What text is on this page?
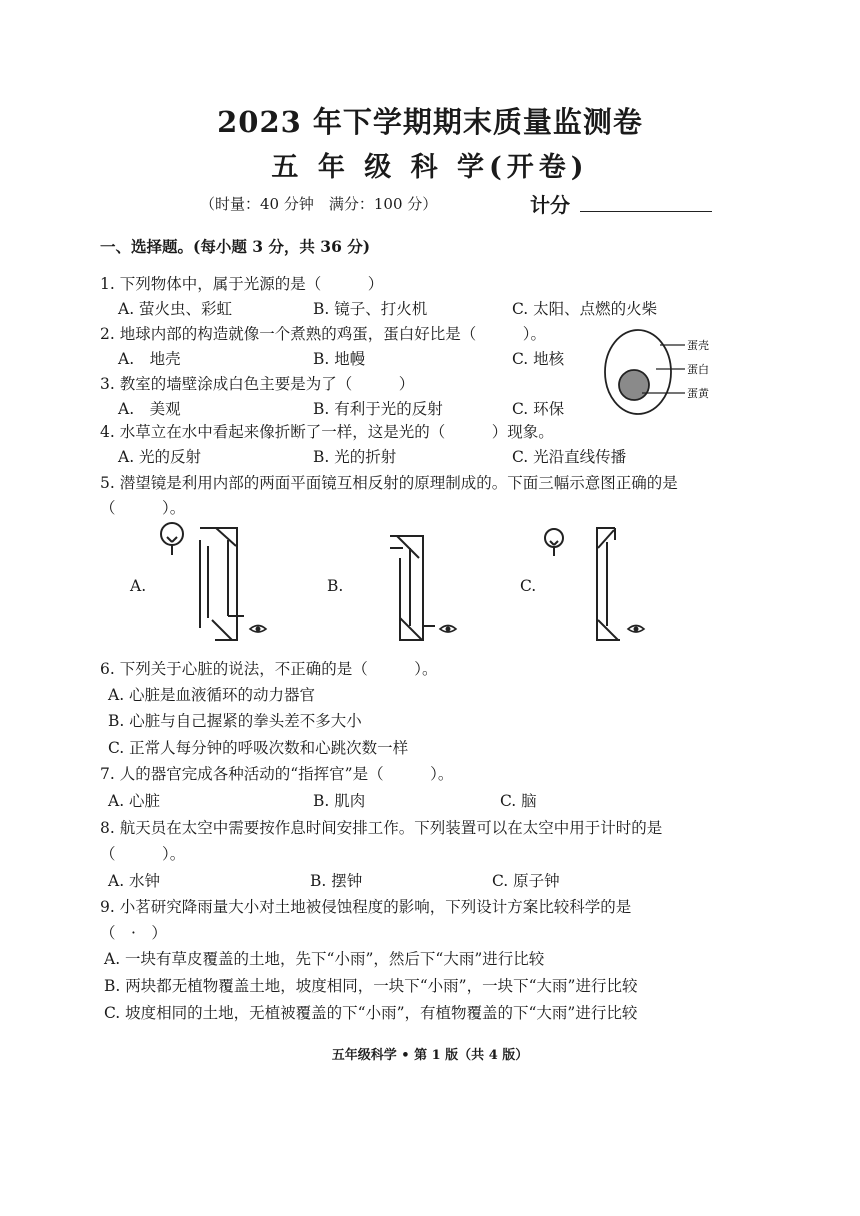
2023 年下学期期末质量监测卷
五 年 级 科 学(开卷)
（时量：40 分钟　满分：100 分）	计分
一、选择题。(每小题 3 分，共 36 分)
1. 下列物体中，属于光源的是（　　　）
A. 萤火虫、彩虹	B. 镜子、打火机	C. 太阳、点燃的火柴
2. 地球内部的构造就像一个煮熟的鸡蛋，蛋白好比是（　　　）。
A.　地壳	B. 地幔	C. 地核
蛋壳
蛋白
蛋黄
3. 教室的墙壁涂成白色主要是为了（　　　）
A.　美观	B. 有利于光的反射	C. 环保
4. 水草立在水中看起来像折断了一样，这是光的（　　　）现象。
A. 光的反射	B. 光的折射	C. 光沿直线传播
5. 潜望镜是利用内部的两面平面镜互相反射的原理制成的。下面三幅示意图正确的是
（　　　）。
A.	B.	C.
6. 下列关于心脏的说法，不正确的是（　　　）。
A. 心脏是血液循环的动力器官
B. 心脏与自己握紧的拳头差不多大小
C. 正常人每分钟的呼吸次数和心跳次数一样
7. 人的器官完成各种活动的“指挥官”是（　　　）。
A. 心脏	B. 肌肉	C. 脑
8. 航天员在太空中需要按作息时间安排工作。下列装置可以在太空中用于计时的是
（　　　）。
A. 水钟	B. 摆钟	C. 原子钟
9. 小茗研究降雨量大小对土地被侵蚀程度的影响，下列设计方案比较科学的是
（　·　）
A. 一块有草皮覆盖的土地，先下“小雨”，然后下“大雨”进行比较
B. 两块都无植物覆盖土地，坡度相同，一块下“小雨”，一块下“大雨”进行比较
C. 坡度相同的土地，无植被覆盖的下“小雨”，有植物覆盖的下“大雨”进行比较
五年级科学 • 第 1 版（共 4 版）
